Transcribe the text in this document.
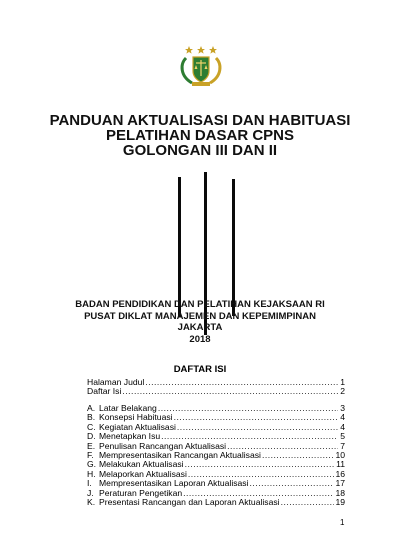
PANDUAN AKTUALISASI DAN HABITUASI
PELATIHAN DASAR CPNS
GOLONGAN III DAN II
BADAN PENDIDIKAN DAN PELATIHAN KEJAKSAAN RI
PUSAT DIKLAT MANAJEMEN DAN KEPEMIMPINAN
JAKARTA
2018
DAFTAR ISI
Halaman Judul .....	1
Daftar Isi .....	2
A. Latar Belakang .....	3
B. Konsepsi Habituasi .....	4
C. Kegiatan Aktualisasi .....	4
D. Menetapkan Isu .....	5
E. Penulisan Rancangan Aktualisasi .....	7
F. Mempresentasikan Rancangan Aktualisasi .....	10
G. Melakukan Aktualisasi .....	11
H. Melaporkan Aktualisasi .....	16
I. Mempresentasikan Laporan Aktualisasi .....	17
J. Peraturan Pengetikan .....	18
K. Presentasi Rancangan dan Laporan Aktualisasi .....	19
1
